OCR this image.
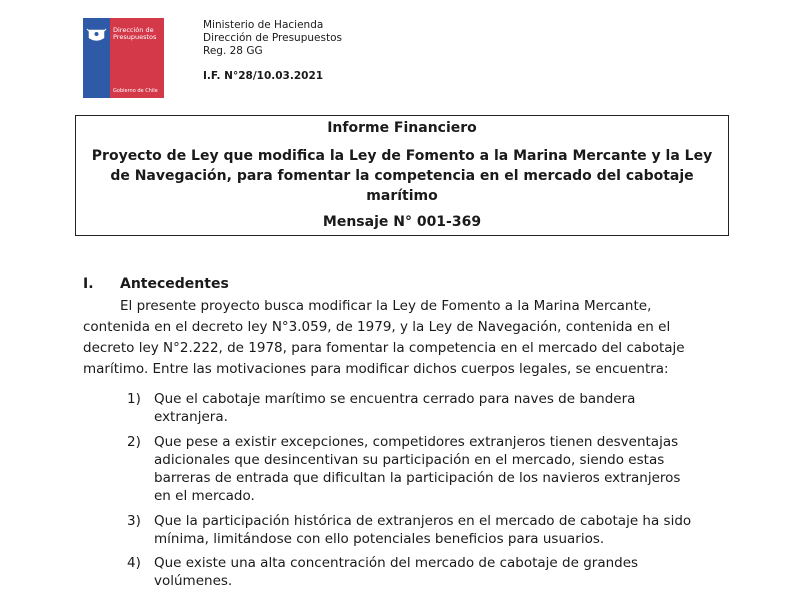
Dirección de
Presupuestos
Gobierno de Chile
Ministerio de Hacienda
Dirección de Presupuestos
Reg. 28 GG
I.F. N°28/10.03.2021
Informe Financiero
Proyecto de Ley que modifica la Ley de Fomento a la Marina Mercante y la Ley
de Navegación, para fomentar la competencia en el mercado del cabotaje
marítimo
Mensaje N° 001-369
I. Antecedentes
El presente proyecto busca modificar la Ley de Fomento a la Marina Mercante,
contenida en el decreto ley N°3.059, de 1979, y la Ley de Navegación, contenida en el
decreto ley N°2.222, de 1978, para fomentar la competencia en el mercado del cabotaje
marítimo. Entre las motivaciones para modificar dichos cuerpos legales, se encuentra:
1) Que el cabotaje marítimo se encuentra cerrado para naves de bandera
extranjera.
2) Que pese a existir excepciones, competidores extranjeros tienen desventajas
adicionales que desincentivan su participación en el mercado, siendo estas
barreras de entrada que dificultan la participación de los navieros extranjeros
en el mercado.
3) Que la participación histórica de extranjeros en el mercado de cabotaje ha sido
mínima, limitándose con ello potenciales beneficios para usuarios.
4) Que existe una alta concentración del mercado de cabotaje de grandes
volúmenes.
